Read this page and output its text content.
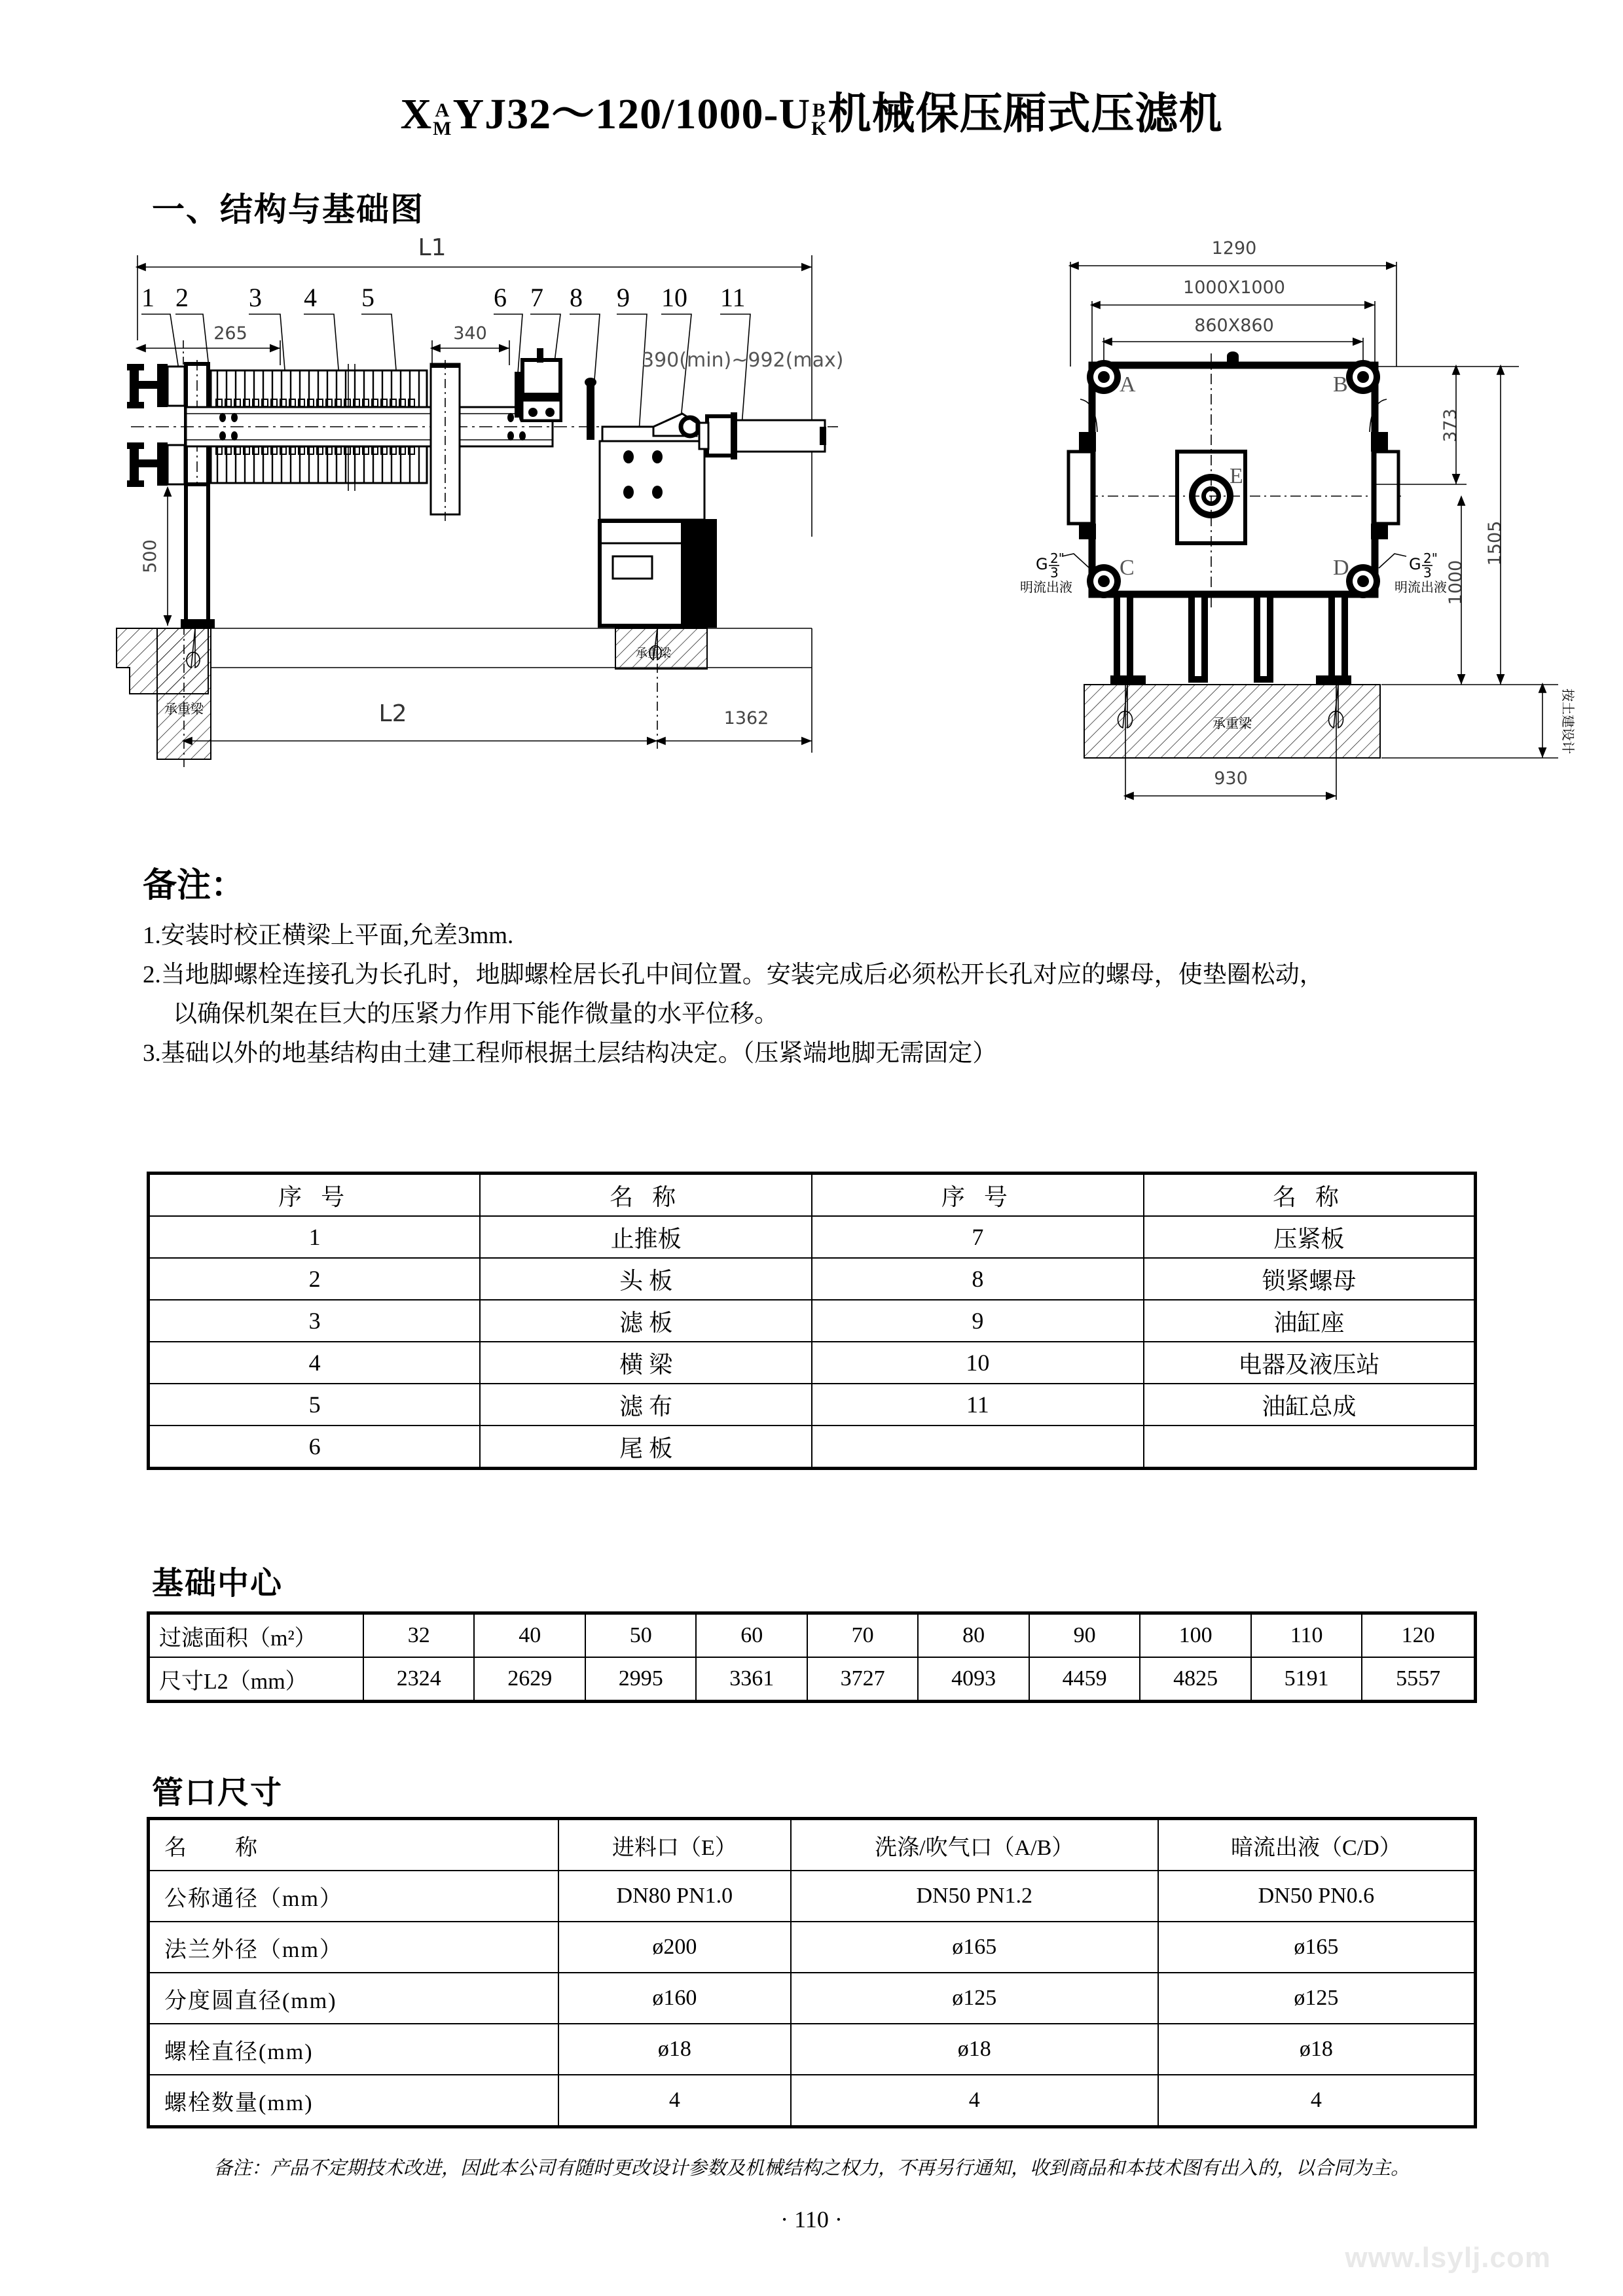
X A
M YJ32～120/1000-U B
K 机械保压厢式压滤机
一、结构与基础图
L1
1 2 3 4 5	6 7 8 9 10 11
265	340
390(min)~992(max)
500
承重梁
承重梁
L2	1362
1290
1000X1000
860X860
A	B
C	D
E
G 2"
3
明流出液
G 2"
3
明流出液
373
1505
1000
承重梁
930
按土建设计
备注：
1.安装时校正横梁上平面,允差3mm.
2.当地脚螺栓连接孔为长孔时，地脚螺栓居长孔中间位置。安装完成后必须松开长孔对应的螺母，使垫圈松动，
以确保机架在巨大的压紧力作用下能作微量的水平位移。
3.基础以外的地基结构由土建工程师根据土层结构决定。（压紧端地脚无需固定）
序 号	名 称	序 号	名 称
1	止推板	7	压紧板
2	头 板	8	锁紧螺母
3	滤 板	9	油缸座
4	横 梁	10	电器及液压站
5	滤 布	11	油缸总成
6	尾 板		
基础中心
过滤面积（m²）	32	40	50	60	70	80	90	100	110	120
尺寸L2（mm）	2324	2629	2995	3361	3727	4093	4459	4825	5191	5557
管口尺寸
名　　称	进料口（E）	洗涤/吹气口（A/B）	暗流出液（C/D）
公称通径（mm）	DN80 PN1.0	DN50 PN1.2	DN50 PN0.6
法兰外径（mm）	ø200	ø165	ø165
分度圆直径(mm)	ø160	ø125	ø125
螺栓直径(mm)	ø18	ø18	ø18
螺栓数量(mm)	4	4	4
备注：产品不定期技术改进，因此本公司有随时更改设计参数及机械结构之权力，不再另行通知，收到商品和本技术图有出入的，以合同为主。
· 110 ·
www.lsylj.com
